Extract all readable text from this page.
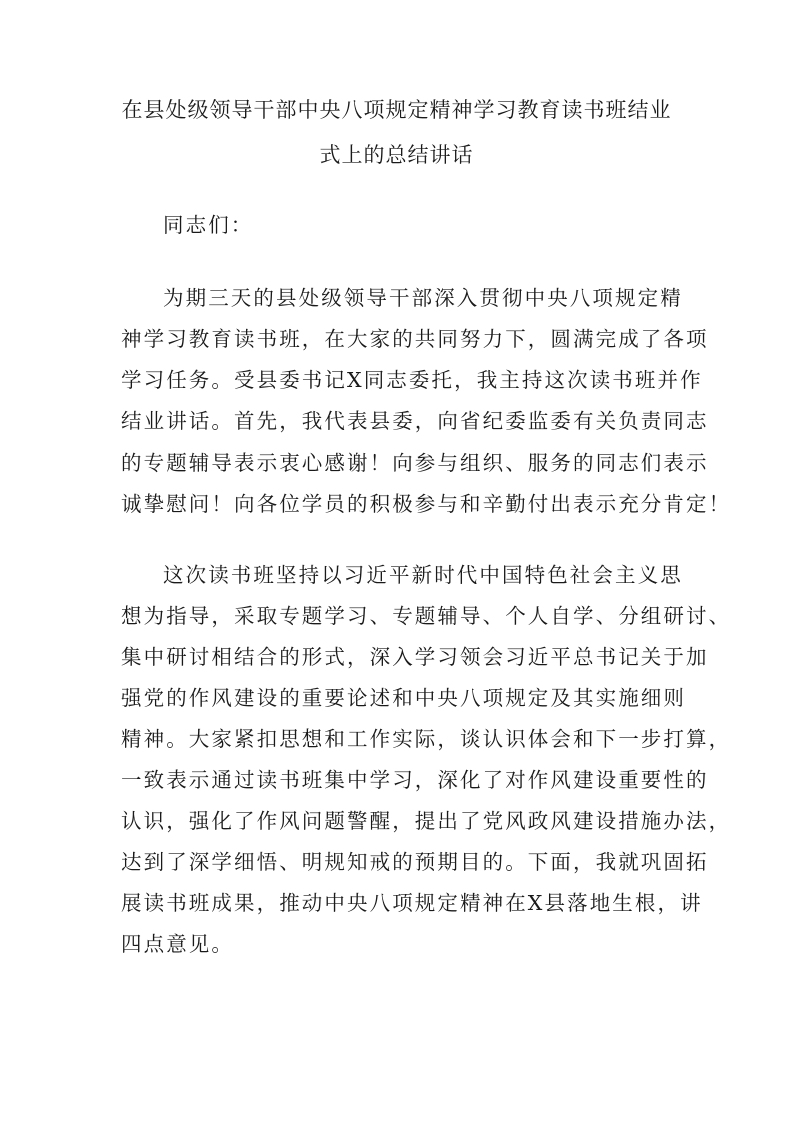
在县处级领导干部中央八项规定精神学习教育读书班结业
式上的总结讲话
同志们：
为期三天的县处级领导干部深入贯彻中央八项规定精
神学习教育读书班，在大家的共同努力下，圆满完成了各项
学习任务。受县委书记X同志委托，我主持这次读书班并作
结业讲话。首先，我代表县委，向省纪委监委有关负责同志
的专题辅导表示衷心感谢！向参与组织、服务的同志们表示
诚挚慰问！向各位学员的积极参与和辛勤付出表示充分肯定！
这次读书班坚持以习近平新时代中国特色社会主义思
想为指导，采取专题学习、专题辅导、个人自学、分组研讨、
集中研讨相结合的形式，深入学习领会习近平总书记关于加
强党的作风建设的重要论述和中央八项规定及其实施细则
精神。大家紧扣思想和工作实际，谈认识体会和下一步打算，
一致表示通过读书班集中学习，深化了对作风建设重要性的
认识，强化了作风问题警醒，提出了党风政风建设措施办法，
达到了深学细悟、明规知戒的预期目的。下面，我就巩固拓
展读书班成果，推动中央八项规定精神在X县落地生根，讲
四点意见。
